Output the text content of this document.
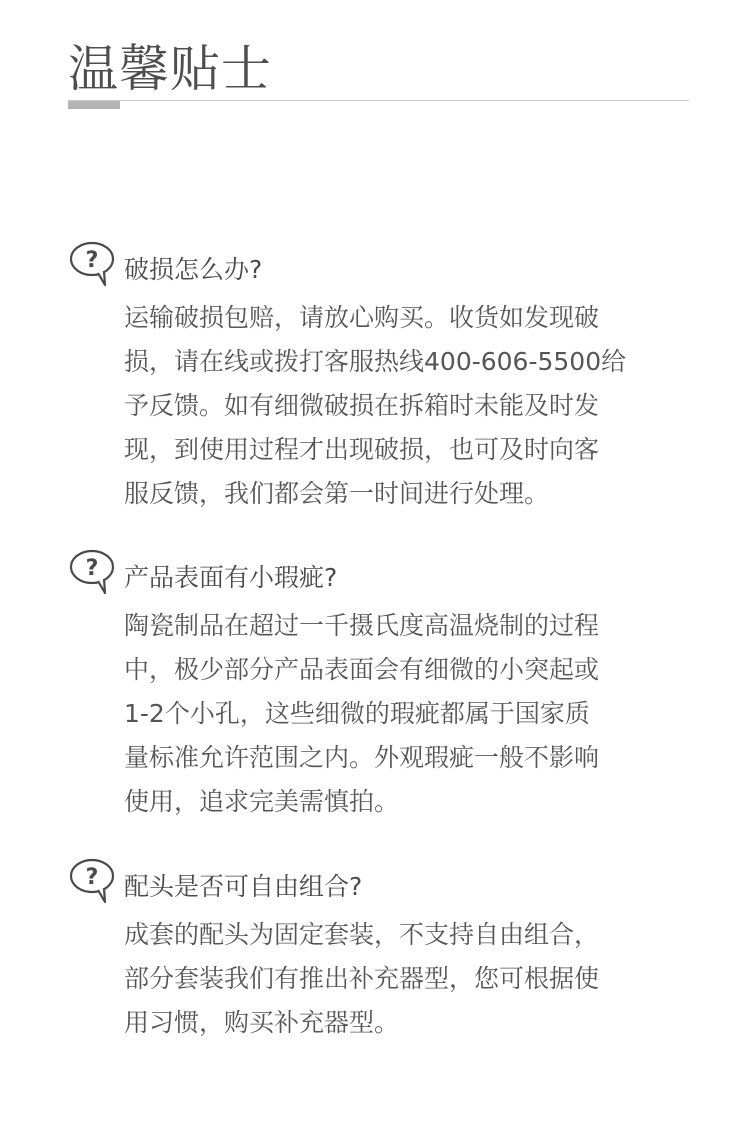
温馨贴士
? 破损怎么办?

运输破损包赔，请放心购买。收货如发现破
损，请在线或拨打客服热线400-606-5500给
予反馈。如有细微破损在拆箱时未能及时发
现，到使用过程才出现破损，也可及时向客
服反馈，我们都会第一时间进行处理。

? 产品表面有小瑕疵?

陶瓷制品在超过一千摄氏度高温烧制的过程
中，极少部分产品表面会有细微的小突起或
1-2个小孔，这些细微的瑕疵都属于国家质
量标准允许范围之内。外观瑕疵一般不影响
使用，追求完美需慎拍。

? 配头是否可自由组合?

成套的配头为固定套装，不支持自由组合，
部分套装我们有推出补充器型，您可根据使
用习惯，购买补充器型。
